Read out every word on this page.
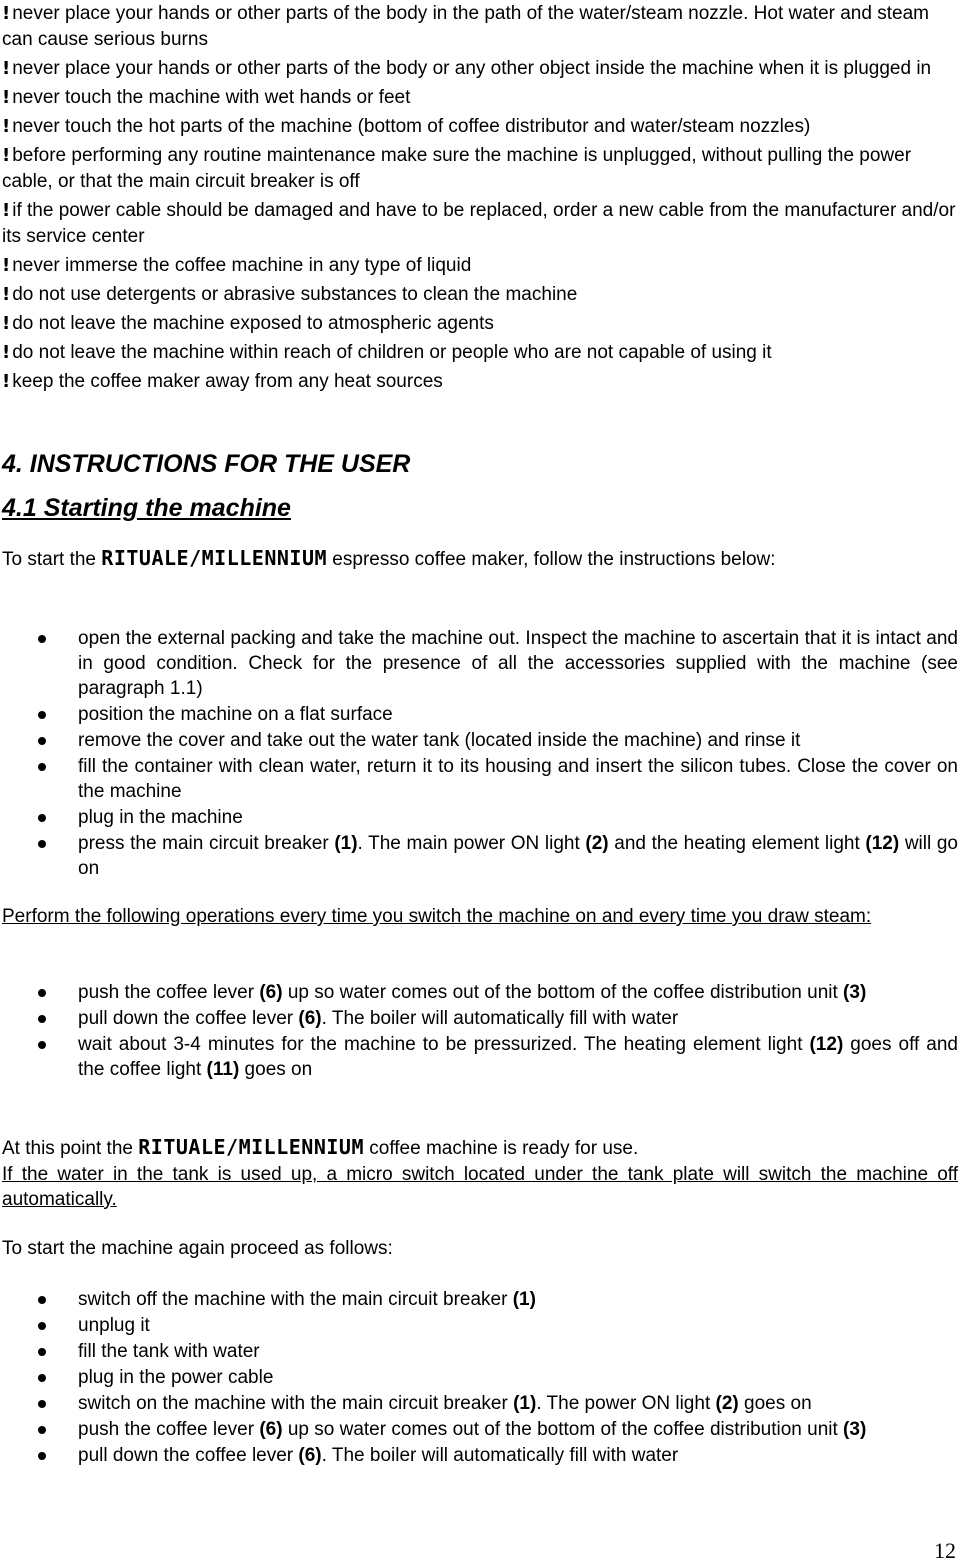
! never place your hands or other parts of the body in the path of the water/steam nozzle. Hot water and steam can cause serious burns
! never place your hands or other parts of the body or any other object inside the machine when it is plugged in
! never touch the machine with wet hands or feet
! never touch the hot parts of the machine (bottom of coffee distributor and water/steam nozzles)
! before performing any routine maintenance make sure the machine is unplugged, without pulling the power cable, or that the main circuit breaker is off
! if the power cable should be damaged and have to be replaced, order a new cable from the manufacturer and/or its service center
! never immerse the coffee machine in any type of liquid
! do not use detergents or abrasive substances to clean the machine
! do not leave the machine exposed to atmospheric agents
! do not leave the machine within reach of children or people who are not capable of using it
! keep the coffee maker away from any heat sources
4. INSTRUCTIONS FOR THE USER
4.1 Starting the machine

To start the RITUALE/MILLENNIUM espresso coffee maker, follow the instructions below:

open the external packing and take the machine out. Inspect the machine to ascertain that it is intact and in good condition. Check for the presence of all the accessories supplied with the machine (see paragraph 1.1)
position the machine on a flat surface
remove the cover and take out the water tank (located inside the machine) and rinse it
fill the container with clean water, return it to its housing and insert the silicon tubes. Close the cover on the machine
plug in the machine
press the main circuit breaker (1). The main power ON light (2) and the heating element light (12) will go on

Perform the following operations every time you switch the machine on and every time you draw steam:

push the coffee lever (6) up so water comes out of the bottom of the coffee distribution unit (3)
pull down the coffee lever (6). The boiler will automatically fill with water
wait about 3-4 minutes for the machine to be pressurized. The heating element light (12) goes off and the coffee light (11) goes on

At this point the RITUALE/MILLENNIUM coffee machine is ready for use.

If the water in the tank is used up, a micro switch located under the tank plate will switch the machine off automatically.

To start the machine again proceed as follows:

switch off the machine with the main circuit breaker (1)
unplug it
fill the tank with water
plug in the power cable
switch on the machine with the main circuit breaker (1). The power ON light (2) goes on
push the coffee lever (6) up so water comes out of the bottom of the coffee distribution unit (3)
pull down the coffee lever (6). The boiler will automatically fill with water
12
